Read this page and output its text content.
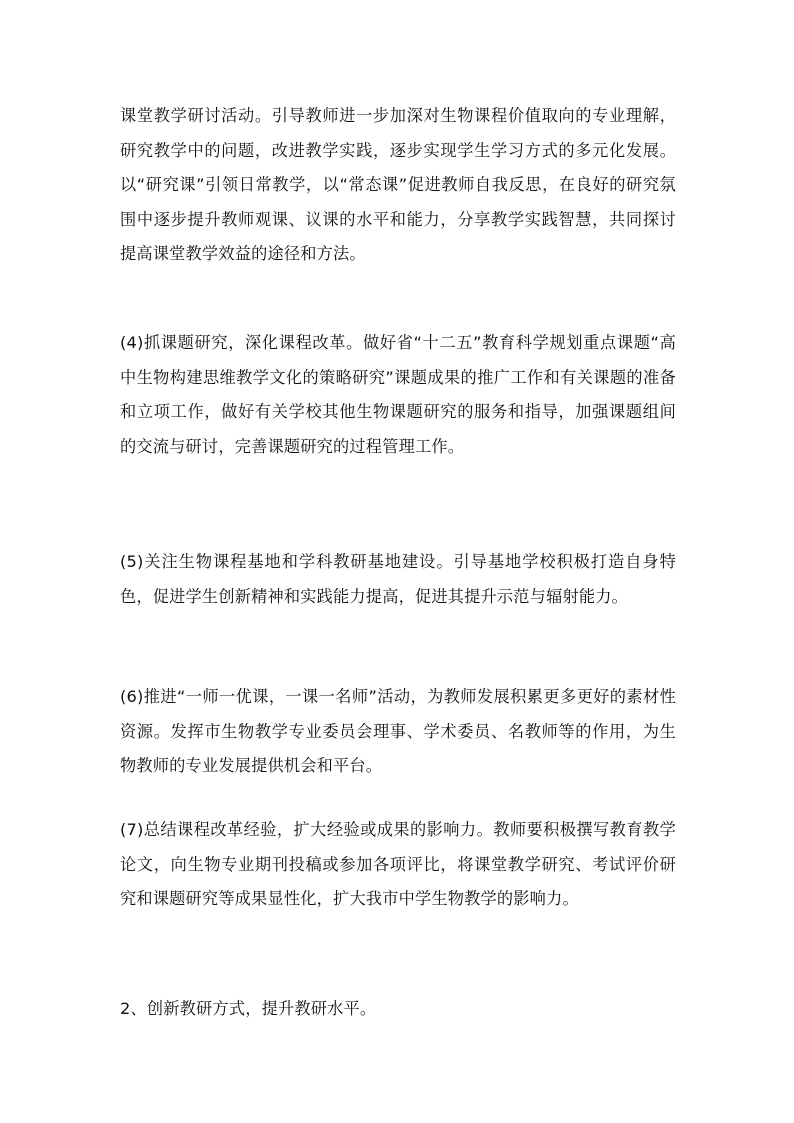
课堂教学研讨活动。引导教师进一步加深对生物课程价值取向的专业理解，研究教学中的问题，改进教学实践，逐步实现学生学习方式的多元化发展。以“研究课”引领日常教学，以“常态课”促进教师自我反思，在良好的研究氛围中逐步提升教师观课、议课的水平和能力，分享教学实践智慧，共同探讨提高课堂教学效益的途径和方法。

(4)抓课题研究，深化课程改革。做好省“十二五”教育科学规划重点课题“高中生物构建思维教学文化的策略研究”课题成果的推广工作和有关课题的准备和立项工作，做好有关学校其他生物课题研究的服务和指导，加强课题组间的交流与研讨，完善课题研究的过程管理工作。

(5)关注生物课程基地和学科教研基地建设。引导基地学校积极打造自身特色，促进学生创新精神和实践能力提高，促进其提升示范与辐射能力。

(6)推进“一师一优课，一课一名师”活动，为教师发展积累更多更好的素材性资源。发挥市生物教学专业委员会理事、学术委员、名教师等的作用，为生物教师的专业发展提供机会和平台。

(7)总结课程改革经验，扩大经验或成果的影响力。教师要积极撰写教育教学论文，向生物专业期刊投稿或参加各项评比，将课堂教学研究、考试评价研究和课题研究等成果显性化，扩大我市中学生物教学的影响力。

2、创新教研方式，提升教研水平。
